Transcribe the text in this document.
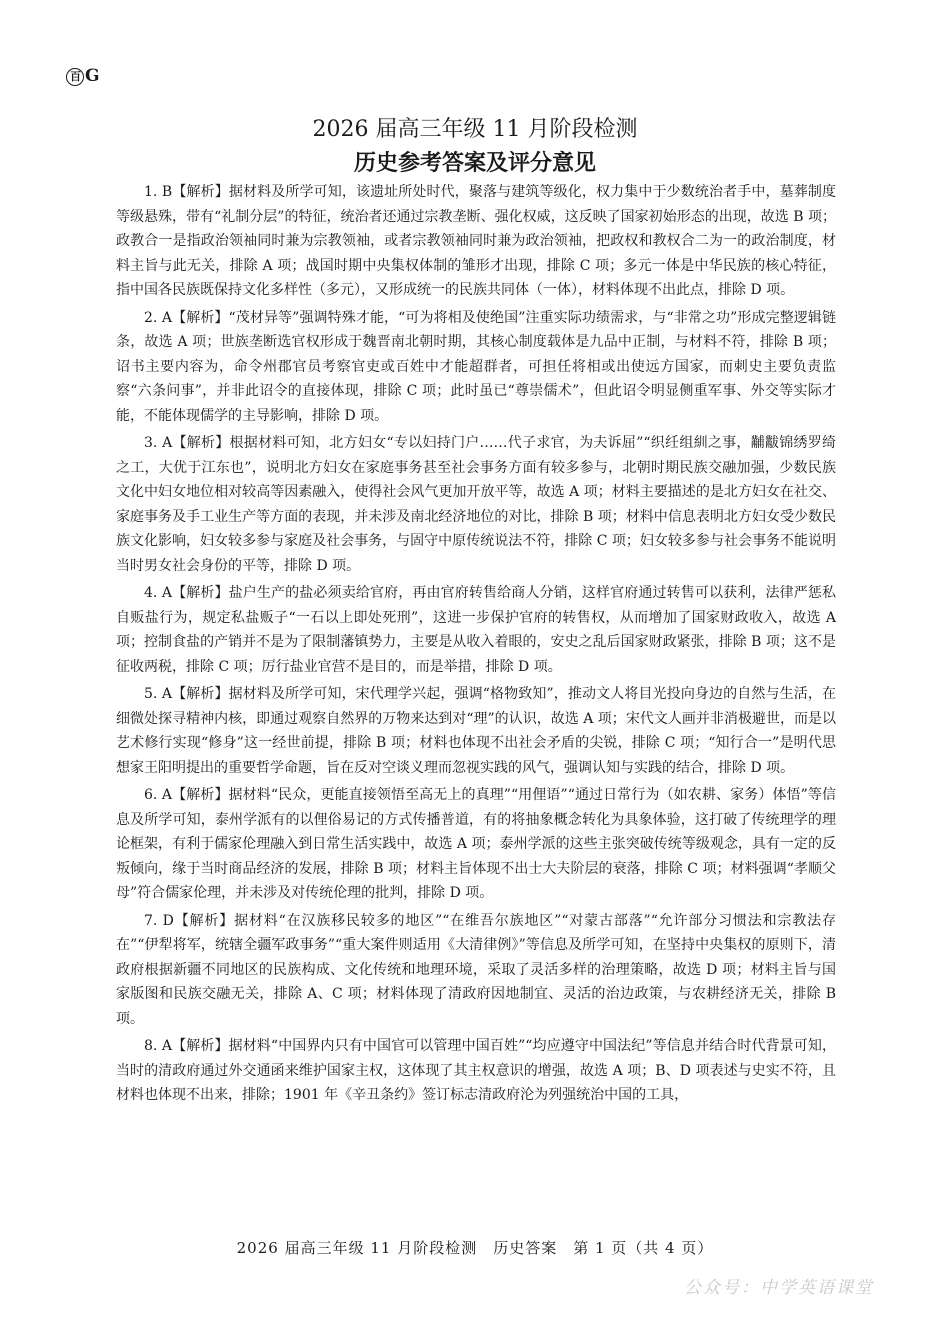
百 G
2026 届高三年级 11 月阶段检测
历史参考答案及评分意见

1. B【解析】据材料及所学可知，该遗址所处时代，聚落与建筑等级化，权力集中于少数统治者手中，墓葬制度等级悬殊，带有“礼制分层”的特征，统治者还通过宗教垄断、强化权威，这反映了国家初始形态的出现，故选 B 项；政教合一是指政治领袖同时兼为宗教领袖，或者宗教领袖同时兼为政治领袖，把政权和教权合二为一的政治制度，材料主旨与此无关，排除 A 项；战国时期中央集权体制的雏形才出现，排除 C 项；多元一体是中华民族的核心特征，指中国各民族既保持文化多样性（多元），又形成统一的民族共同体（一体），材料体现不出此点，排除 D 项。

2. A【解析】“茂材异等”强调特殊才能，“可为将相及使绝国”注重实际功绩需求，与“非常之功”形成完整逻辑链条，故选 A 项；世族垄断选官权形成于魏晋南北朝时期，其核心制度载体是九品中正制，与材料不符，排除 B 项；诏书主要内容为，命令州郡官员考察官吏或百姓中才能超群者，可担任将相或出使远方国家，而刺史主要负责监察“六条问事”，并非此诏令的直接体现，排除 C 项；此时虽已“尊崇儒术”，但此诏令明显侧重军事、外交等实际才能，不能体现儒学的主导影响，排除 D 项。

3. A【解析】根据材料可知，北方妇女“专以妇持门户……代子求官，为夫诉屈”“织纴组紃之事，黼黻锦绣罗绮之工，大优于江东也”，说明北方妇女在家庭事务甚至社会事务方面有较多参与，北朝时期民族交融加强，少数民族文化中妇女地位相对较高等因素融入，使得社会风气更加开放平等，故选 A 项；材料主要描述的是北方妇女在社交、家庭事务及手工业生产等方面的表现，并未涉及南北经济地位的对比，排除 B 项；材料中信息表明北方妇女受少数民族文化影响，妇女较多参与家庭及社会事务，与固守中原传统说法不符，排除 C 项；妇女较多参与社会事务不能说明当时男女社会身份的平等，排除 D 项。

4. A【解析】盐户生产的盐必须卖给官府，再由官府转售给商人分销，这样官府通过转售可以获利，法律严惩私自贩盐行为，规定私盐贩子“一石以上即处死刑”，这进一步保护官府的转售权，从而增加了国家财政收入，故选 A 项；控制食盐的产销并不是为了限制藩镇势力，主要是从收入着眼的，安史之乱后国家财政紧张，排除 B 项；这不是征收两税，排除 C 项；厉行盐业官营不是目的，而是举措，排除 D 项。

5. A【解析】据材料及所学可知，宋代理学兴起，强调“格物致知”，推动文人将目光投向身边的自然与生活，在细微处探寻精神内核，即通过观察自然界的万物来达到对“理”的认识，故选 A 项；宋代文人画并非消极避世，而是以艺术修行实现“修身”这一经世前提，排除 B 项；材料也体现不出社会矛盾的尖锐，排除 C 项；“知行合一”是明代思想家王阳明提出的重要哲学命题，旨在反对空谈义理而忽视实践的风气，强调认知与实践的结合，排除 D 项。

6. A【解析】据材料“民众，更能直接领悟至高无上的真理”“用俚语”“通过日常行为（如农耕、家务）体悟”等信息及所学可知，泰州学派有的以俚俗易记的方式传播普道，有的将抽象概念转化为具象体验，这打破了传统理学的理论框架，有利于儒家伦理融入到日常生活实践中，故选 A 项；泰州学派的这些主张突破传统等级观念，具有一定的反叛倾向，缘于当时商品经济的发展，排除 B 项；材料主旨体现不出士大夫阶层的衰落，排除 C 项；材料强调“孝顺父母”符合儒家伦理，并未涉及对传统伦理的批判，排除 D 项。

7. D【解析】据材料“在汉族移民较多的地区”“在维吾尔族地区”“对蒙古部落”“允许部分习惯法和宗教法存在”“伊犁将军，统辖全疆军政事务”“重大案件则适用《大清律例》”等信息及所学可知，在坚持中央集权的原则下，清政府根据新疆不同地区的民族构成、文化传统和地理环境，采取了灵活多样的治理策略，故选 D 项；材料主旨与国家版图和民族交融无关，排除 A、C 项；材料体现了清政府因地制宜、灵活的治边政策，与农耕经济无关，排除 B 项。

8. A【解析】据材料“中国界内只有中国官可以管理中国百姓”“均应遵守中国法纪”等信息并结合时代背景可知，当时的清政府通过外交通函来维护国家主权，这体现了其主权意识的增强，故选 A 项；B、D 项表述与史实不符，且材料也体现不出来，排除；1901 年《辛丑条约》签订标志清政府沦为列强统治中国的工具，

2026 届高三年级 11 月阶段检测　历史答案　第 1 页（共 4 页）
公众号：中学英语课堂
